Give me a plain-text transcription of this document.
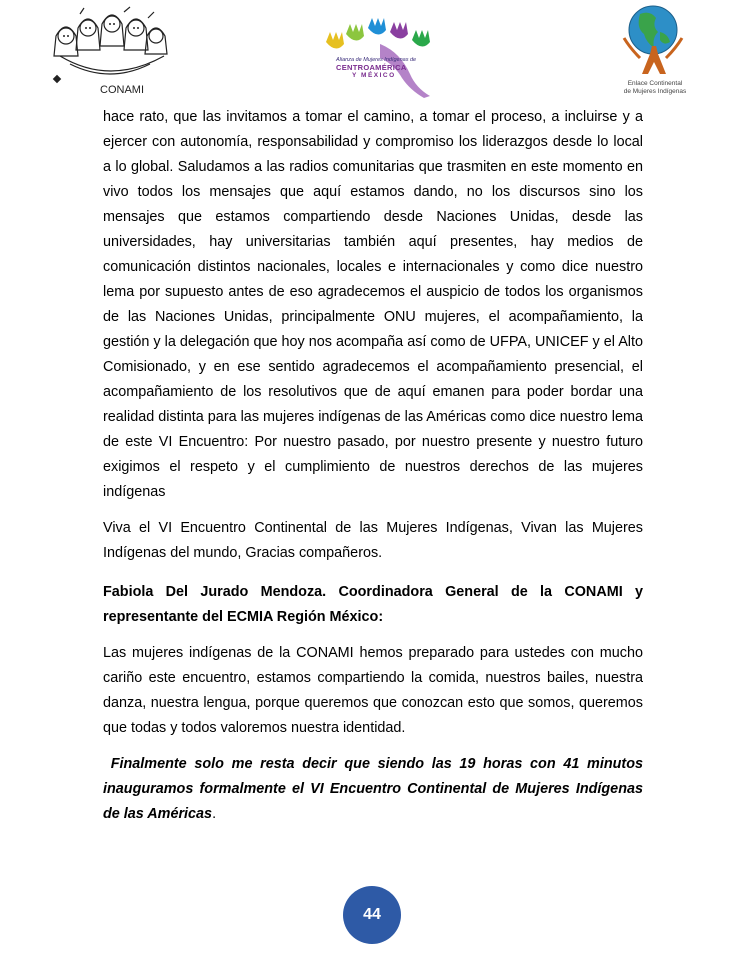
CONAMI
Alianza de Mujeres Indígenas de
CENTROAMÉRICA
Y MÉXICO
Enlace Continental
de Mujeres Indígenas

hace rato, que las invitamos a tomar el camino, a tomar el proceso, a incluirse y a ejercer con autonomía, responsabilidad y compromiso los liderazgos desde lo local a lo global. Saludamos a las radios comunitarias que trasmiten en este momento en vivo todos los mensajes que aquí estamos dando, no los discursos sino los mensajes que estamos compartiendo desde Naciones Unidas, desde las universidades, hay universitarias también aquí presentes, hay medios de comunicación distintos nacionales, locales e internacionales y como dice nuestro lema por supuesto antes de eso agradecemos el auspicio de todos los organismos de las Naciones Unidas, principalmente ONU mujeres, el acompañamiento, la gestión y la delegación que hoy nos acompaña así como de UFPA, UNICEF y el Alto Comisionado, y en ese sentido agradecemos el acompañamiento presencial, el acompañamiento de los resolutivos que de aquí emanen para poder bordar una realidad distinta para las mujeres indígenas de las Américas como dice nuestro lema de este VI Encuentro: Por nuestro pasado, por nuestro presente y nuestro futuro exigimos el respeto y el cumplimiento de nuestros derechos de las mujeres indígenas

Viva el VI Encuentro Continental de las Mujeres Indígenas, Vivan las Mujeres Indígenas del mundo, Gracias compañeros.

Fabiola Del Jurado Mendoza. Coordinadora General de la CONAMI y representante del ECMIA Región México:

Las mujeres indígenas de la CONAMI hemos preparado para ustedes con mucho cariño este encuentro, estamos compartiendo la comida, nuestros bailes, nuestra danza, nuestra lengua, porque queremos que conozcan esto que somos, queremos que todas y todos valoremos nuestra identidad.

Finalmente solo me resta decir que siendo las 19 horas con 41 minutos inauguramos formalmente el VI Encuentro Continental de Mujeres Indígenas de las Américas.

44
